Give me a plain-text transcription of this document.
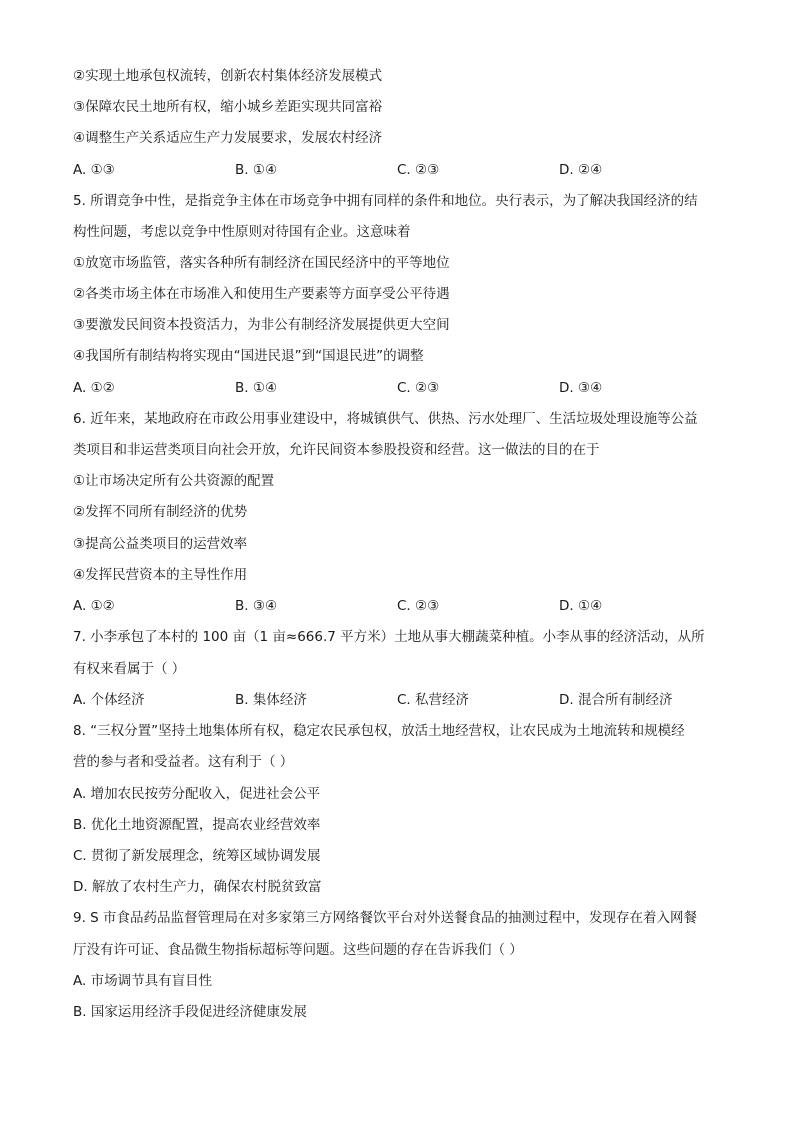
②实现土地承包权流转，创新农村集体经济发展模式
③保障农民土地所有权，缩小城乡差距实现共同富裕
④调整生产关系适应生产力发展要求，发展农村经济
A. ①③	B. ①④	C. ②③	D. ②④
5. 所谓竞争中性，是指竞争主体在市场竞争中拥有同样的条件和地位。央行表示，为了解决我国经济的结
构性问题，考虑以竞争中性原则对待国有企业。这意味着
①放宽市场监管，落实各种所有制经济在国民经济中的平等地位
②各类市场主体在市场准入和使用生产要素等方面享受公平待遇
③要激发民间资本投资活力，为非公有制经济发展提供更大空间
④我国所有制结构将实现由“国进民退”到“国退民进”的调整
A. ①②	B. ①④	C. ②③	D. ③④
6. 近年来，某地政府在市政公用事业建设中，将城镇供气、供热、污水处理厂、生活垃圾处理设施等公益
类项目和非运营类项目向社会开放，允许民间资本参股投资和经营。这一做法的目的在于
①让市场决定所有公共资源的配置
②发挥不同所有制经济的优势
③提高公益类项目的运营效率
④发挥民营资本的主导性作用
A. ①②	B. ③④	C. ②③	D. ①④
7. 小李承包了本村的 100 亩（1 亩≈666.7 平方米）土地从事大棚蔬菜种植。小李从事的经济活动，从所
有权来看属于（ ）
A. 个体经济	B. 集体经济	C. 私营经济	D. 混合所有制经济
8. “三权分置”坚持土地集体所有权，稳定农民承包权，放活土地经营权，让农民成为土地流转和规模经
营的参与者和受益者。这有利于（ ）
A. 增加农民按劳分配收入，促进社会公平
B. 优化土地资源配置，提高农业经营效率
C. 贯彻了新发展理念，统筹区域协调发展
D. 解放了农村生产力，确保农村脱贫致富
9. S 市食品药品监督管理局在对多家第三方网络餐饮平台对外送餐食品的抽测过程中，发现存在着入网餐
厅没有许可证、食品微生物指标超标等问题。这些问题的存在告诉我们（ ）
A. 市场调节具有盲目性
B. 国家运用经济手段促进经济健康发展
